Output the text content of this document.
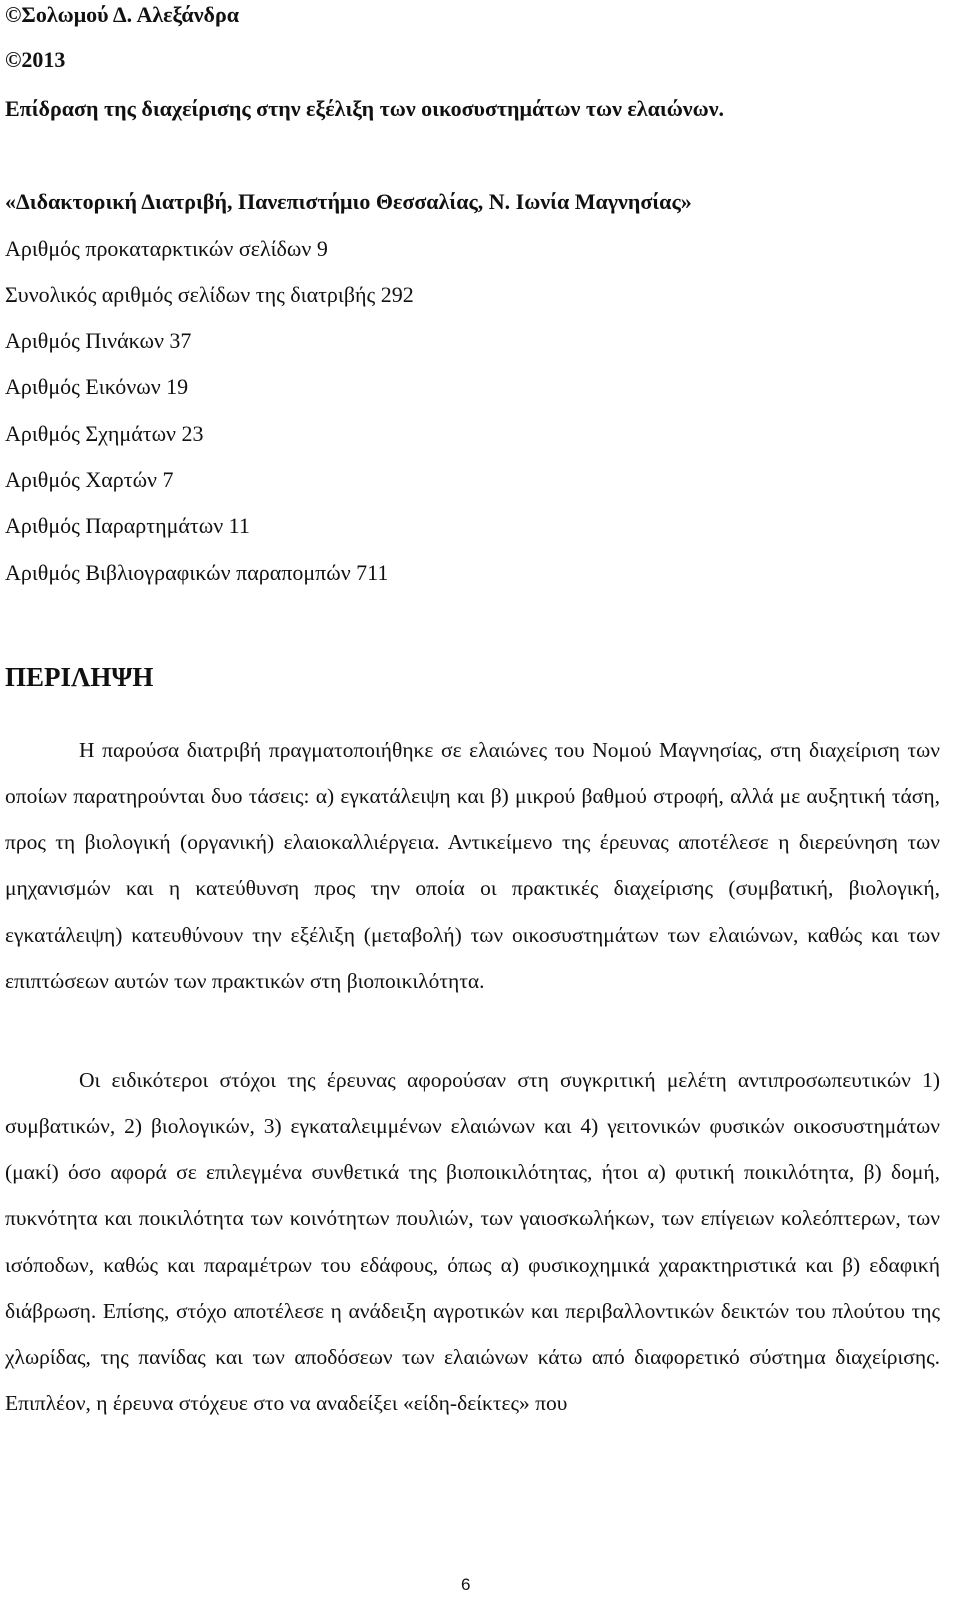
©Σολωμού Δ. Αλεξάνδρα
©2013
Επίδραση της διαχείρισης στην εξέλιξη των οικοσυστημάτων των ελαιώνων.
«Διδακτορική Διατριβή, Πανεπιστήμιο Θεσσαλίας, Ν. Ιωνία Μαγνησίας»
Αριθμός προκαταρκτικών σελίδων 9
Συνολικός αριθμός σελίδων της διατριβής 292
Αριθμός Πινάκων 37
Αριθμός Εικόνων 19
Αριθμός Σχημάτων 23
Αριθμός Χαρτών 7
Αριθμός Παραρτημάτων 11
Αριθμός Βιβλιογραφικών παραπομπών 711
ΠΕΡΙΛΗΨΗ

Η παρούσα διατριβή πραγματοποιήθηκε σε ελαιώνες του Νομού Μαγνησίας, στη διαχείριση των οποίων παρατηρούνται δυο τάσεις: α) εγκατάλειψη και β) μικρού βαθμού στροφή, αλλά με αυξητική τάση, προς τη βιολογική (οργανική) ελαιοκαλλιέργεια. Αντικείμενο της έρευνας αποτέλεσε η διερεύνηση των μηχανισμών και η κατεύθυνση προς την οποία οι πρακτικές διαχείρισης (συμβατική, βιολογική, εγκατάλειψη) κατευθύνουν την εξέλιξη (μεταβολή) των οικοσυστημάτων των ελαιώνων, καθώς και των επιπτώσεων αυτών των πρακτικών στη βιοποικιλότητα.

Οι ειδικότεροι στόχοι της έρευνας αφορούσαν στη συγκριτική μελέτη αντιπροσωπευτικών 1) συμβατικών, 2) βιολογικών, 3) εγκαταλειμμένων ελαιώνων και 4) γειτονικών φυσικών οικοσυστημάτων (μακί) όσο αφορά σε επιλεγμένα συνθετικά της βιοποικιλότητας, ήτοι α) φυτική ποικιλότητα, β) δομή, πυκνότητα και ποικιλότητα των κοινότητων πουλιών, των γαιοσκωλήκων, των επίγειων κολεόπτερων, των ισόποδων, καθώς και παραμέτρων του εδάφους, όπως α) φυσικοχημικά χαρακτηριστικά και β) εδαφική διάβρωση. Επίσης, στόχο αποτέλεσε η ανάδειξη αγροτικών και περιβαλλοντικών δεικτών του πλούτου της χλωρίδας, της πανίδας και των αποδόσεων των ελαιώνων κάτω από διαφορετικό σύστημα διαχείρισης. Επιπλέον, η έρευνα στόχευε στο να αναδείξει «είδη-δείκτες» που

6
